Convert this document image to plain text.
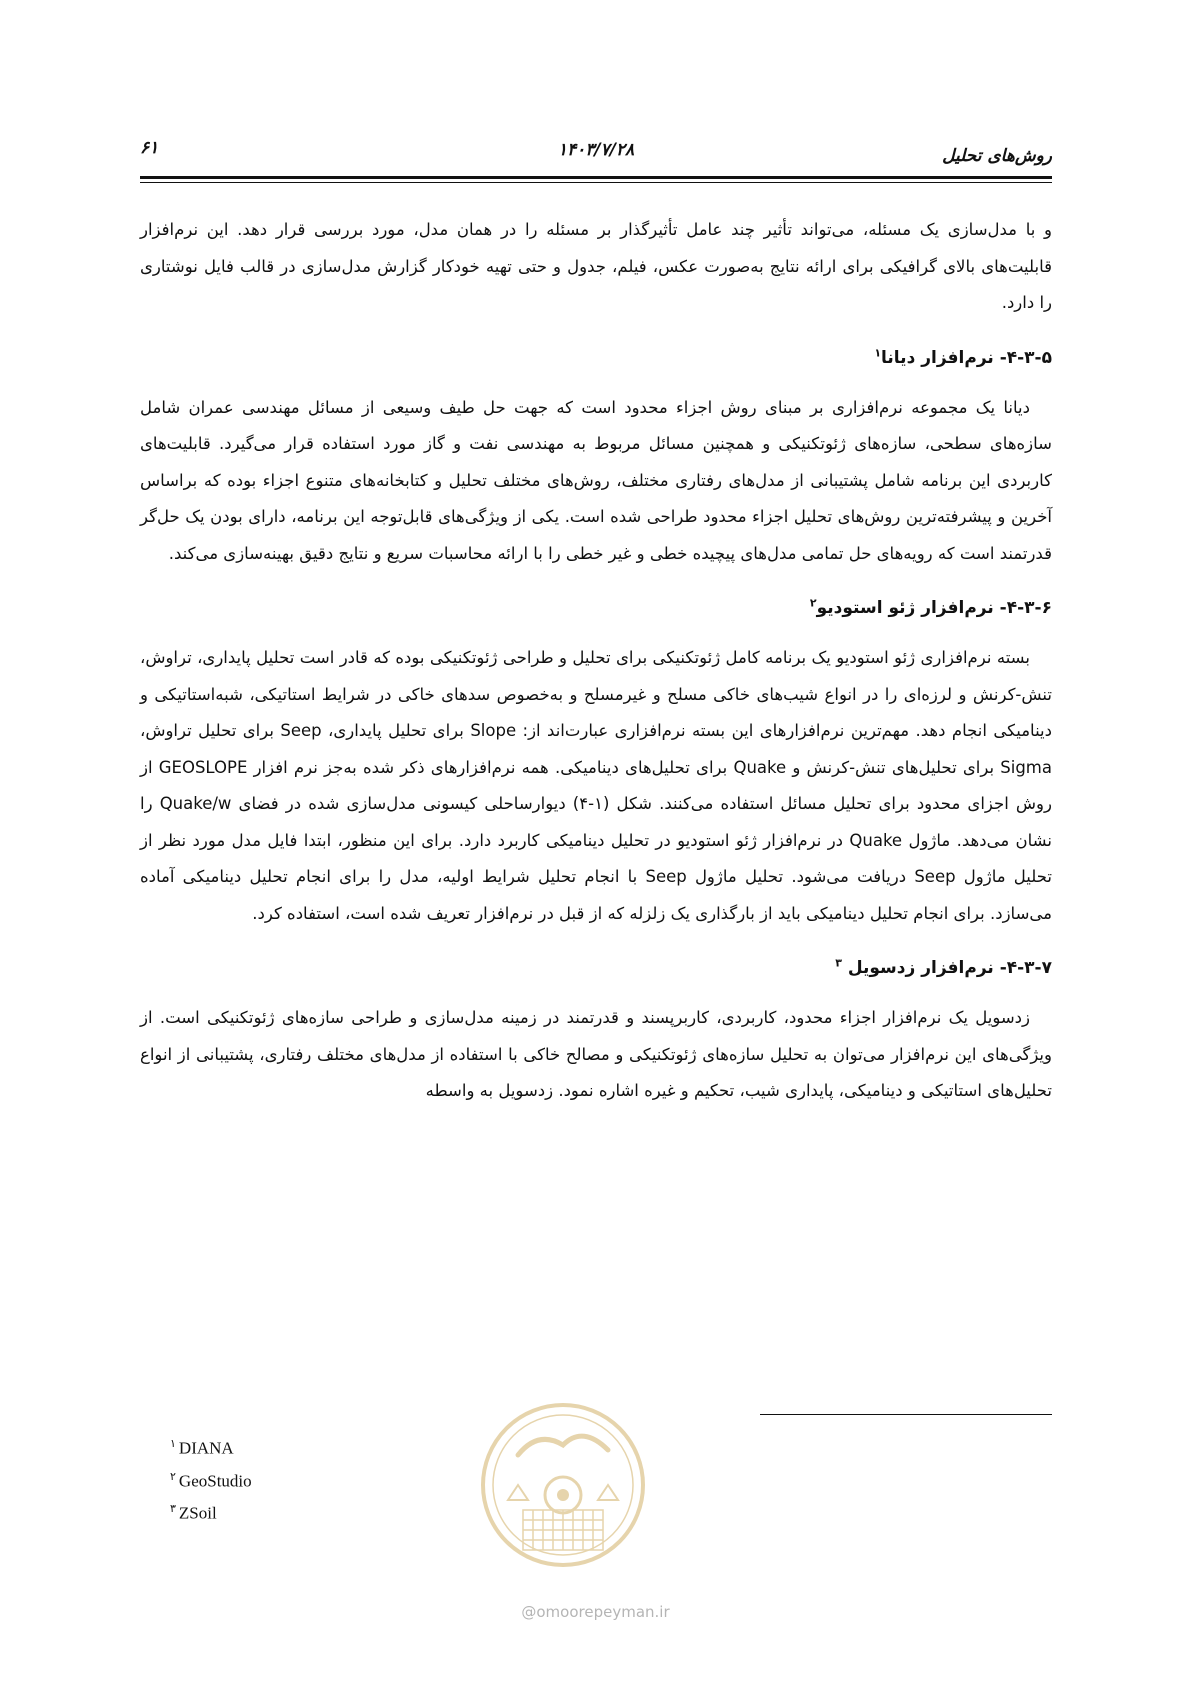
روش‌های تحلیل
۱۴۰۳/۷/۲۸
۶۱

و با مدل‌سازی یک مسئله، می‌تواند تأثیر چند عامل تأثیرگذار بر مسئله را در همان مدل، مورد بررسی قرار دهد. این نرم‌افزار قابلیت‌های بالای گرافیکی برای ارائه نتایج به‌صورت عکس، فیلم، جدول و حتی تهیه خودکار گزارش مدل‌سازی در قالب فایل نوشتاری را دارد.

۴-۳-۵- نرم‌افزار دیانا$^۱$

دیانا یک مجموعه نرم‌افزاری بر مبنای روش اجزاء محدود است که جهت حل طیف وسیعی از مسائل مهندسی عمران شامل سازه‌های سطحی، سازه‌های ژئوتکنیکی و همچنین مسائل مربوط به مهندسی نفت و گاز مورد استفاده قرار می‌گیرد. قابلیت‌های کاربردی این برنامه شامل پشتیبانی از مدل‌های رفتاری مختلف، روش‌های مختلف تحلیل و کتابخانه‌های متنوع اجزاء بوده که براساس آخرین و پیشرفته‌ترین روش‌های تحلیل اجزاء محدود طراحی شده است. یکی از ویژگی‌های قابل‌توجه این برنامه، دارای بودن یک حل‌گر قدرتمند است که رویه‌های حل تمامی مدل‌های پیچیده خطی و غیر خطی را با ارائه محاسبات سریع و نتایج دقیق بهینه‌سازی می‌کند.

۴-۳-۶- نرم‌افزار ژئو استودیو$^۲$

بسته نرم‌افزاری ژئو استودیو یک برنامه کامل ژئوتکنیکی برای تحلیل و طراحی ژئوتکنیکی بوده که قادر است تحلیل پایداری، تراوش، تنش-کرنش و لرزه‌ای را در انواع شیب‌های خاکی مسلح و غیرمسلح و به‌خصوص سدهای خاکی در شرایط استاتیکی، شبه‌استاتیکی و دینامیکی انجام دهد. مهم‌ترین نرم‌افزارهای این بسته نرم‌افزاری عبارت‌اند از: Slope برای تحلیل پایداری، Seep برای تحلیل تراوش، Sigma برای تحلیل‌های تنش-کرنش و Quake برای تحلیل‌های دینامیکی. همه نرم‌افزارهای ذکر شده به‌جز نرم افزار GEOSLOPE از روش اجزای محدود برای تحلیل مسائل استفاده می‌کنند. شکل (۱-۴) دیوارساحلی کیسونی مدل‌سازی شده در فضای Quake/w را نشان می‌دهد. ماژول Quake در نرم‌افزار ژئو استودیو در تحلیل دینامیکی کاربرد دارد. برای این منظور، ابتدا فایل مدل مورد نظر از تحلیل ماژول Seep دریافت می‌شود. تحلیل ماژول Seep با انجام تحلیل شرایط اولیه، مدل را برای انجام تحلیل دینامیکی آماده می‌سازد. برای انجام تحلیل دینامیکی باید از بارگذاری یک زلزله که از قبل در نرم‌افزار تعریف شده است، استفاده کرد.

۴-۳-۷- نرم‌افزار زدسویل $^۳$

زدسویل یک نرم‌افزار اجزاء محدود، کاربردی، کاربرپسند و قدرتمند در زمینه مدل‌سازی و طراحی سازه‌های ژئوتکنیکی است. از ویژگی‌های این نرم‌افزار می‌توان به تحلیل سازه‌های ژئوتکنیکی و مصالح خاکی با استفاده از مدل‌های مختلف رفتاری، پشتیبانی از انواع تحلیل‌های استاتیکی و دینامیکی، پایداری شیب، تحکیم و غیره اشاره نمود. زدسویل به واسطه

$^۱$ DIANA
$^۲$ GeoStudio
$^۳$ ZSoil
@omoorepeyman.ir
